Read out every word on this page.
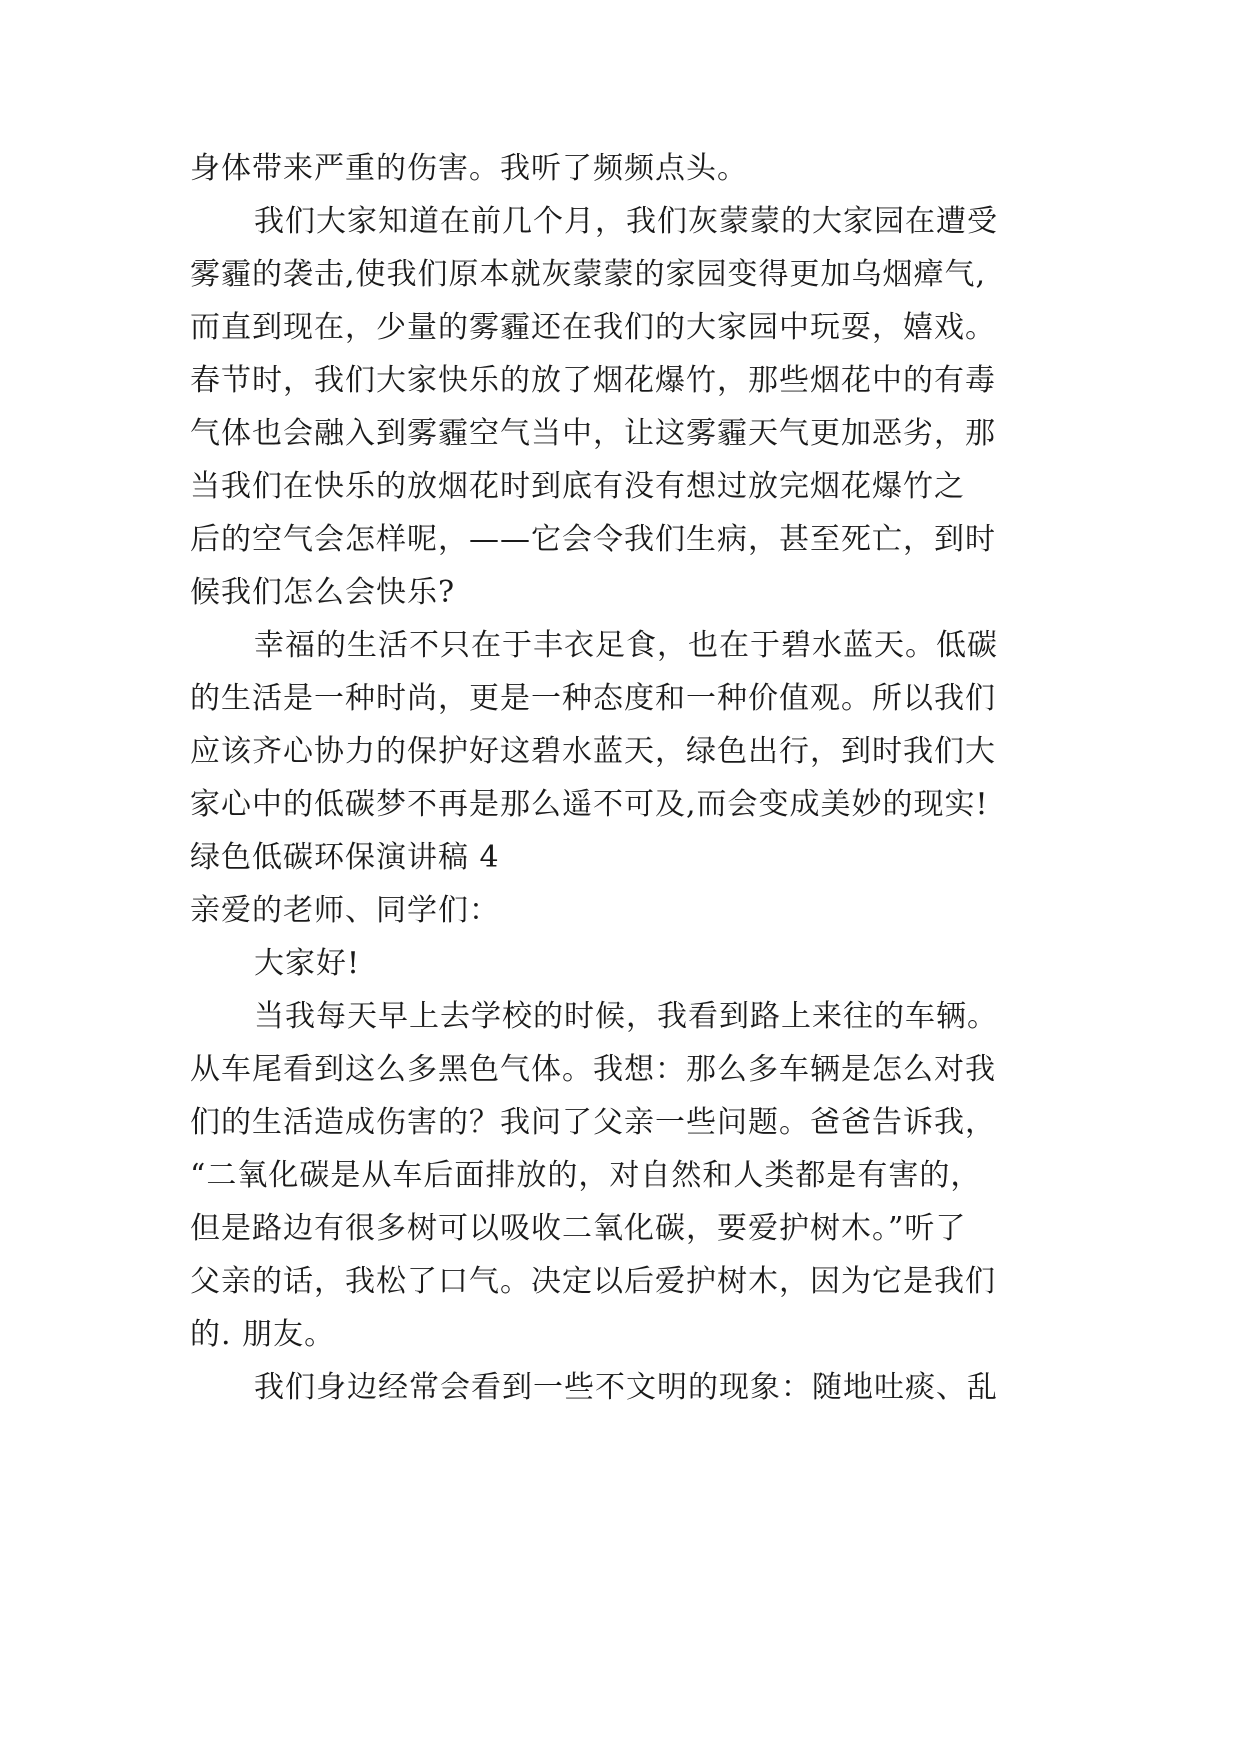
身体带来严重的伤害。我听了频频点头。
我们大家知道在前几个月，我们灰蒙蒙的大家园在遭受
雾霾的袭击,使我们原本就灰蒙蒙的家园变得更加乌烟瘴气,
而直到现在，少量的雾霾还在我们的大家园中玩耍，嬉戏。
春节时，我们大家快乐的放了烟花爆竹，那些烟花中的有毒
气体也会融入到雾霾空气当中，让这雾霾天气更加恶劣，那
当我们在快乐的放烟花时到底有没有想过放完烟花爆竹之
后的空气会怎样呢，——它会令我们生病，甚至死亡，到时
候我们怎么会快乐?
幸福的生活不只在于丰衣足食，也在于碧水蓝天。低碳
的生活是一种时尚，更是一种态度和一种价值观。所以我们
应该齐心协力的保护好这碧水蓝天，绿色出行，到时我们大
家心中的低碳梦不再是那么遥不可及,而会变成美妙的现实!
绿色低碳环保演讲稿 4
亲爱的老师、同学们：
大家好!
当我每天早上去学校的时候，我看到路上来往的车辆。
从车尾看到这么多黑色气体。我想：那么多车辆是怎么对我
们的生活造成伤害的？我问了父亲一些问题。爸爸告诉我，
“二氧化碳是从车后面排放的，对自然和人类都是有害的，
但是路边有很多树可以吸收二氧化碳，要爱护树木。”听了
父亲的话，我松了口气。决定以后爱护树木，因为它是我们
的. 朋友。
我们身边经常会看到一些不文明的现象：随地吐痰、乱
